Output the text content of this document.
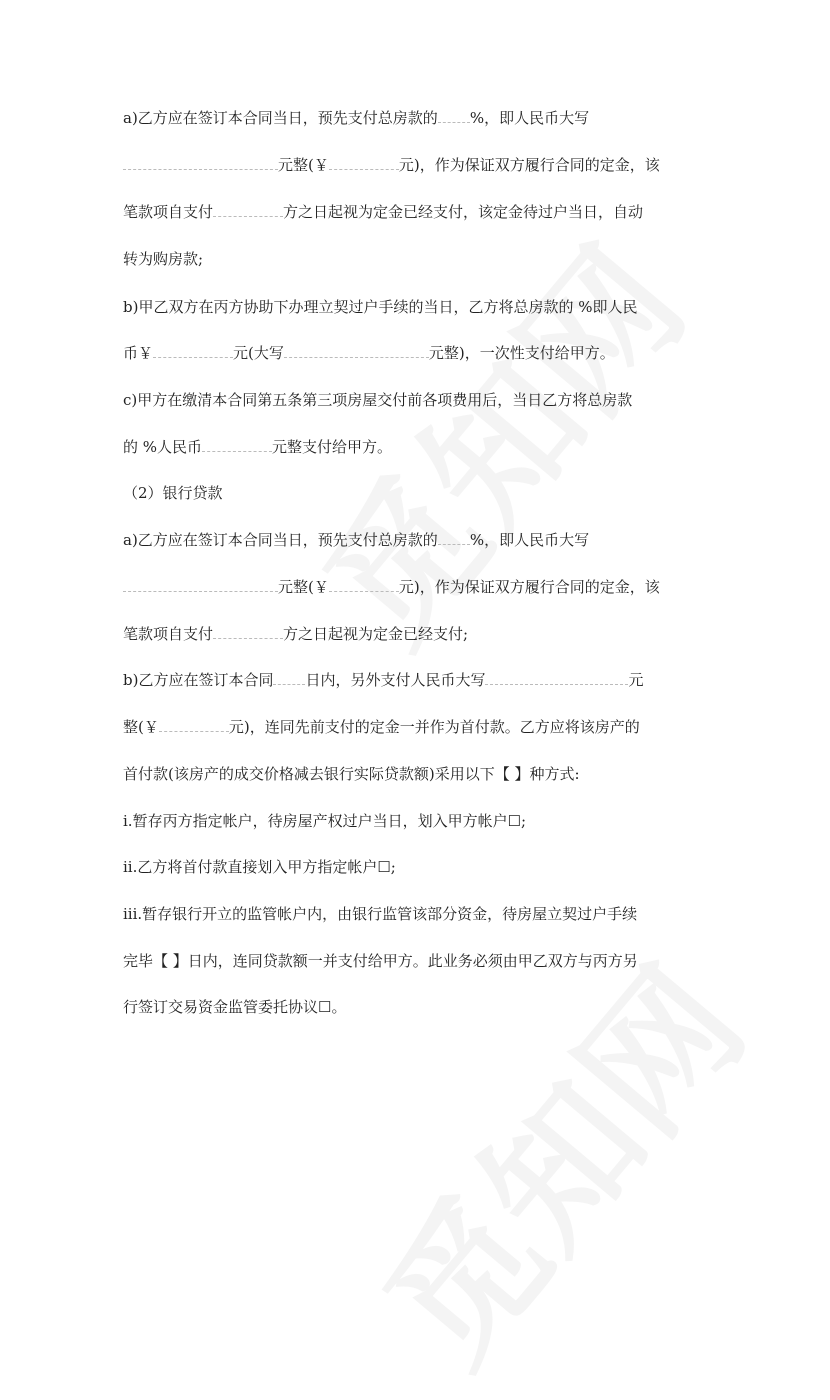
a)乙方应在签订本合同当日，预先支付总房款的 %，即人民币大写
元整(￥	元)，作为保证双方履行合同的定金，该
笔款项自支付	方之日起视为定金已经支付，该定金待过户当日，自动
转为购房款;
b)甲乙双方在丙方协助下办理立契过户手续的当日，乙方将总房款的 %即人民
币￥	元(大写	元整)，一次性支付给甲方。
c)甲方在缴清本合同第五条第三项房屋交付前各项费用后，当日乙方将总房款
的 %人民币	元整支付给甲方。
（2）银行贷款
a)乙方应在签订本合同当日，预先支付总房款的 %，即人民币大写
元整(￥	元)，作为保证双方履行合同的定金，该
笔款项自支付	方之日起视为定金已经支付;
b)乙方应在签订本合同 日内，另外支付人民币大写	元
整(￥	元)，连同先前支付的定金一并作为首付款。乙方应将该房产的
首付款(该房产的成交价格减去银行实际贷款额)采用以下【 】种方式:
i.暂存丙方指定帐户，待房屋产权过户当日，划入甲方帐户☐;
ii.乙方将首付款直接划入甲方指定帐户☐;
iii.暂存银行开立的监管帐户内，由银行监管该部分资金，待房屋立契过户手续
完毕【 】日内，连同贷款额一并支付给甲方。此业务必须由甲乙双方与丙方另
行签订交易资金监管委托协议☐。
